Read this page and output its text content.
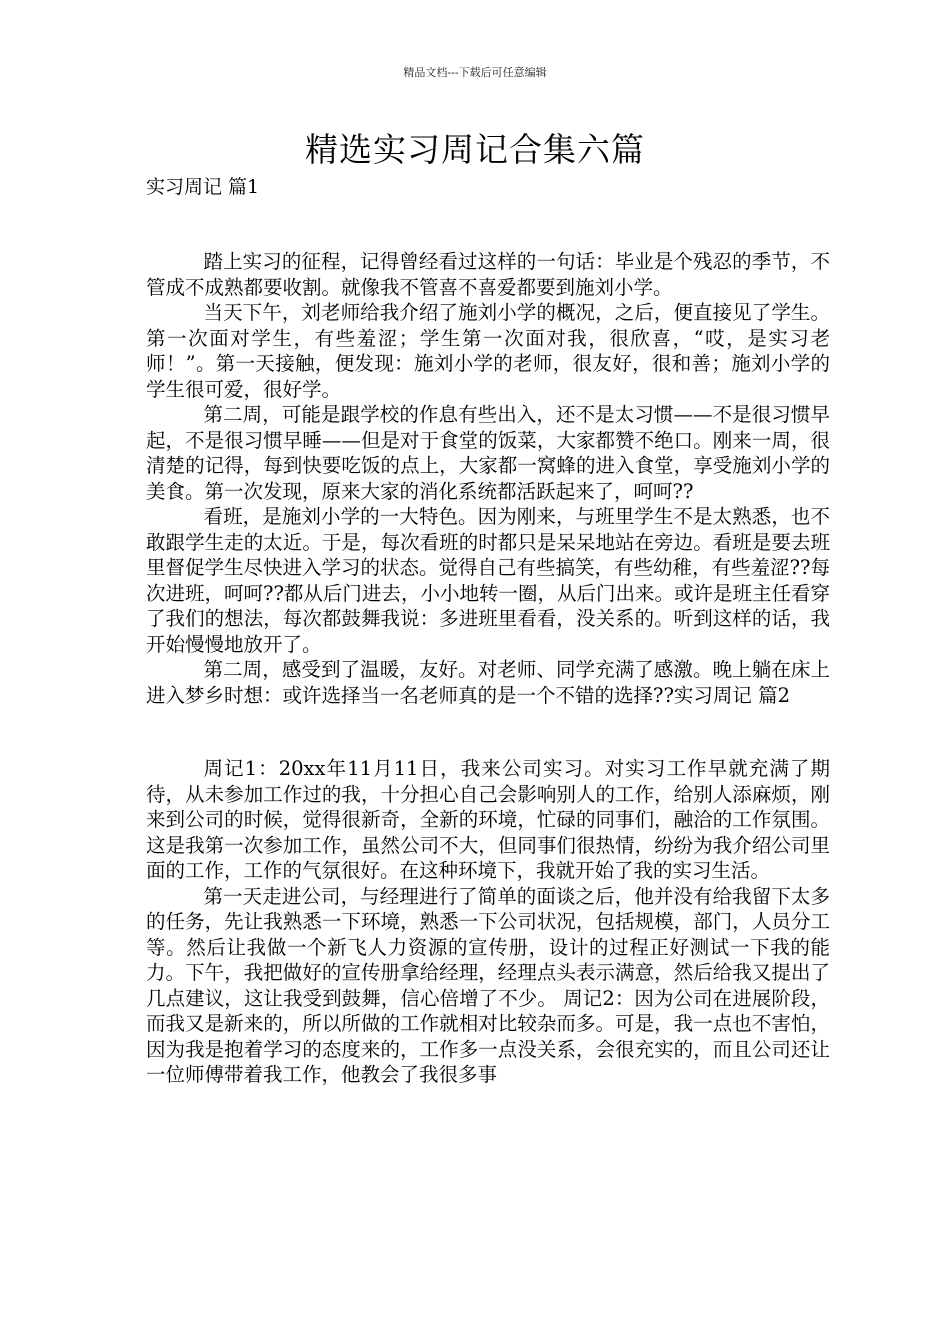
精品文档---下载后可任意编辑
精选实习周记合集六篇

实习周记 篇1

踏上实习的征程，记得曾经看过这样的一句话：毕业是个残忍的季节，不管成不成熟都要收割。就像我不管喜不喜爱都要到施刘小学。

当天下午，刘老师给我介绍了施刘小学的概况，之后，便直接见了学生。第一次面对学生，有些羞涩；学生第一次面对我，很欣喜，“哎，是实习老师！”。第一天接触，便发现：施刘小学的老师，很友好，很和善；施刘小学的学生很可爱，很好学。

第二周，可能是跟学校的作息有些出入，还不是太习惯——不是很习惯早起，不是很习惯早睡——但是对于食堂的饭菜，大家都赞不绝口。刚来一周，很清楚的记得，每到快要吃饭的点上，大家都一窝蜂的进入食堂，享受施刘小学的美食。第一次发现，原来大家的消化系统都活跃起来了，呵呵??

看班，是施刘小学的一大特色。因为刚来，与班里学生不是太熟悉，也不敢跟学生走的太近。于是，每次看班的时都只是呆呆地站在旁边。看班是要去班里督促学生尽快进入学习的状态。觉得自己有些搞笑，有些幼稚，有些羞涩??每次进班，呵呵??都从后门进去，小小地转一圈，从后门出来。或许是班主任看穿了我们的想法，每次都鼓舞我说：多进班里看看，没关系的。听到这样的话，我开始慢慢地放开了。

第二周，感受到了温暖，友好。对老师、同学充满了感激。晚上躺在床上进入梦乡时想：或许选择当一名老师真的是一个不错的选择??实习周记 篇2

周记1：20xx年11月11日，我来公司实习。对实习工作早就充满了期待，从未参加工作过的我，十分担心自己会影响别人的工作，给别人添麻烦，刚来到公司的时候，觉得很新奇，全新的环境，忙碌的同事们，融洽的工作氛围。这是我第一次参加工作，虽然公司不大，但同事们很热情，纷纷为我介绍公司里面的工作，工作的气氛很好。在这种环境下，我就开始了我的实习生活。

第一天走进公司，与经理进行了简单的面谈之后，他并没有给我留下太多的任务，先让我熟悉一下环境，熟悉一下公司状况，包括规模，部门，人员分工等。然后让我做一个新飞人力资源的宣传册，设计的过程正好测试一下我的能力。下午，我把做好的宣传册拿给经理，经理点头表示满意，然后给我又提出了几点建议，这让我受到鼓舞，信心倍增了不少。 周记2：因为公司在进展阶段，而我又是新来的，所以所做的工作就相对比较杂而多。可是，我一点也不害怕，因为我是抱着学习的态度来的，工作多一点没关系，会很充实的，而且公司还让一位师傅带着我工作，他教会了我很多事
